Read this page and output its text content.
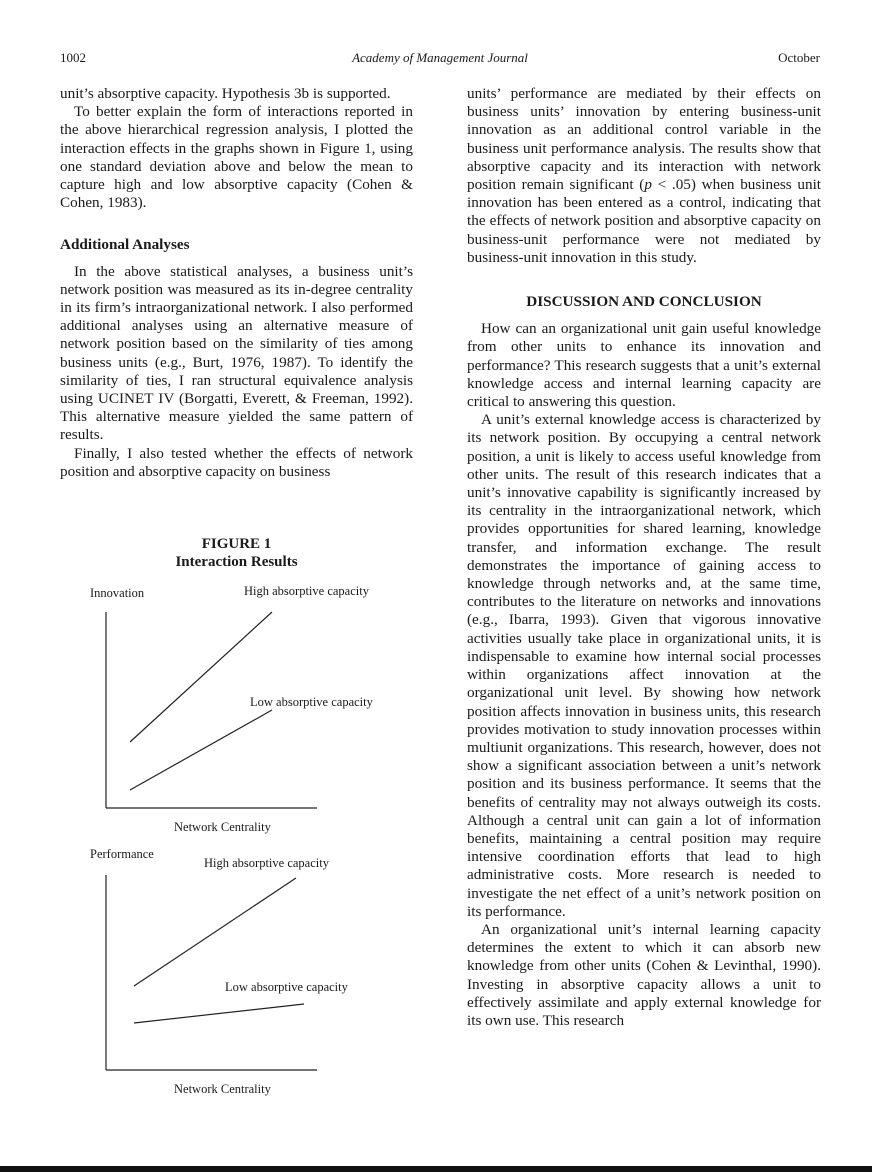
1002	Academy of Management Journal	October

unit’s absorptive capacity. Hypothesis 3b is supported.

To better explain the form of interactions reported in the above hierarchical regression analysis, I plotted the interaction effects in the graphs shown in Figure 1, using one standard deviation above and below the mean to capture high and low absorptive capacity (Cohen & Cohen, 1983).

Additional Analyses

In the above statistical analyses, a business unit’s network position was measured as its in-degree centrality in its firm’s intraorganizational network. I also performed additional analyses using an alternative measure of network position based on the similarity of ties among business units (e.g., Burt, 1976, 1987). To identify the similarity of ties, I ran structural equivalence analysis using UCINET IV (Borgatti, Everett, & Freeman, 1992). This alternative measure yielded the same pattern of results.

Finally, I also tested whether the effects of network position and absorptive capacity on business

FIGURE 1
Interaction Results
Innovation	High absorptive capacity
Low absorptive capacity
Network Centrality
Performance
High absorptive capacity
Low absorptive capacity
Network Centrality

units’ performance are mediated by their effects on business units’ innovation by entering business-unit innovation as an additional control variable in the business unit performance analysis. The results show that absorptive capacity and its interaction with network position remain significant (p < .05) when business unit innovation has been entered as a control, indicating that the effects of network position and absorptive capacity on business-unit performance were not mediated by business-unit innovation in this study.

DISCUSSION AND CONCLUSION

How can an organizational unit gain useful knowledge from other units to enhance its innovation and performance? This research suggests that a unit’s external knowledge access and internal learning capacity are critical to answering this question.

A unit’s external knowledge access is characterized by its network position. By occupying a central network position, a unit is likely to access useful knowledge from other units. The result of this research indicates that a unit’s innovative capability is significantly increased by its centrality in the intraorganizational network, which provides opportunities for shared learning, knowledge transfer, and information exchange. The result demonstrates the importance of gaining access to knowledge through networks and, at the same time, contributes to the literature on networks and innovations (e.g., Ibarra, 1993). Given that vigorous innovative activities usually take place in organizational units, it is indispensable to examine how internal social processes within organizations affect innovation at the organizational unit level. By showing how network position affects innovation in business units, this research provides motivation to study innovation processes within multiunit organizations. This research, however, does not show a significant association between a unit’s network position and its business performance. It seems that the benefits of centrality may not always outweigh its costs. Although a central unit can gain a lot of information benefits, maintaining a central position may require intensive coordination efforts that lead to high administrative costs. More research is needed to investigate the net effect of a unit’s network position on its performance.

An organizational unit’s internal learning capacity determines the extent to which it can absorb new knowledge from other units (Cohen & Levinthal, 1990). Investing in absorptive capacity allows a unit to effectively assimilate and apply external knowledge for its own use. This research
